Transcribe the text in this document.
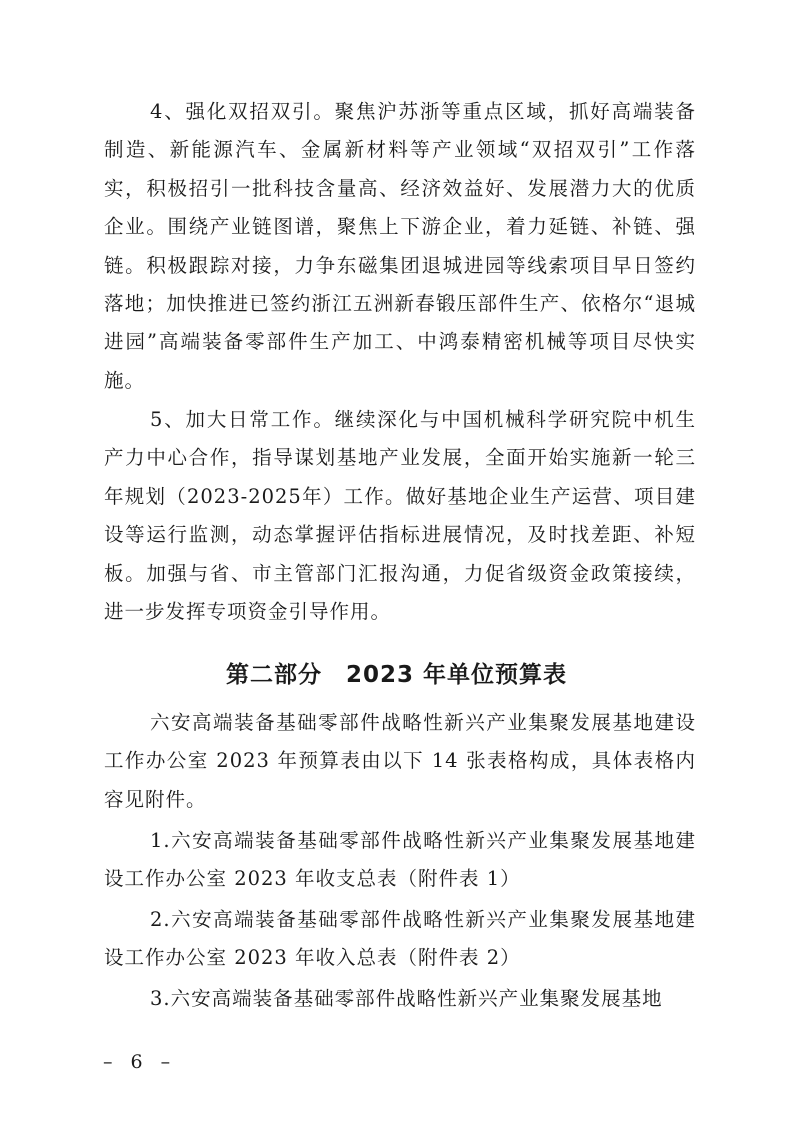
4、强化双招双引。聚焦沪苏浙等重点区域，抓好高端装备制造、新能源汽车、金属新材料等产业领域“双招双引”工作落实，积极招引一批科技含量高、经济效益好、发展潜力大的优质企业。围绕产业链图谱，聚焦上下游企业，着力延链、补链、强链。积极跟踪对接，力争东磁集团退城进园等线索项目早日签约落地；加快推进已签约浙江五洲新春锻压部件生产、依格尔“退城进园”高端装备零部件生产加工、中鸿泰精密机械等项目尽快实施。

5、加大日常工作。继续深化与中国机械科学研究院中机生产力中心合作，指导谋划基地产业发展，全面开始实施新一轮三年规划（2023-2025年）工作。做好基地企业生产运营、项目建设等运行监测，动态掌握评估指标进展情况，及时找差距、补短板。加强与省、市主管部门汇报沟通，力促省级资金政策接续，进一步发挥专项资金引导作用。

第二部分　2023 年单位预算表

六安高端装备基础零部件战略性新兴产业集聚发展基地建设工作办公室 2023 年预算表由以下 14 张表格构成，具体表格内容见附件。

1.六安高端装备基础零部件战略性新兴产业集聚发展基地建设工作办公室 2023 年收支总表（附件表 1）

2.六安高端装备基础零部件战略性新兴产业集聚发展基地建设工作办公室 2023 年收入总表（附件表 2）

3.六安高端装备基础零部件战略性新兴产业集聚发展基地

– 6 –
